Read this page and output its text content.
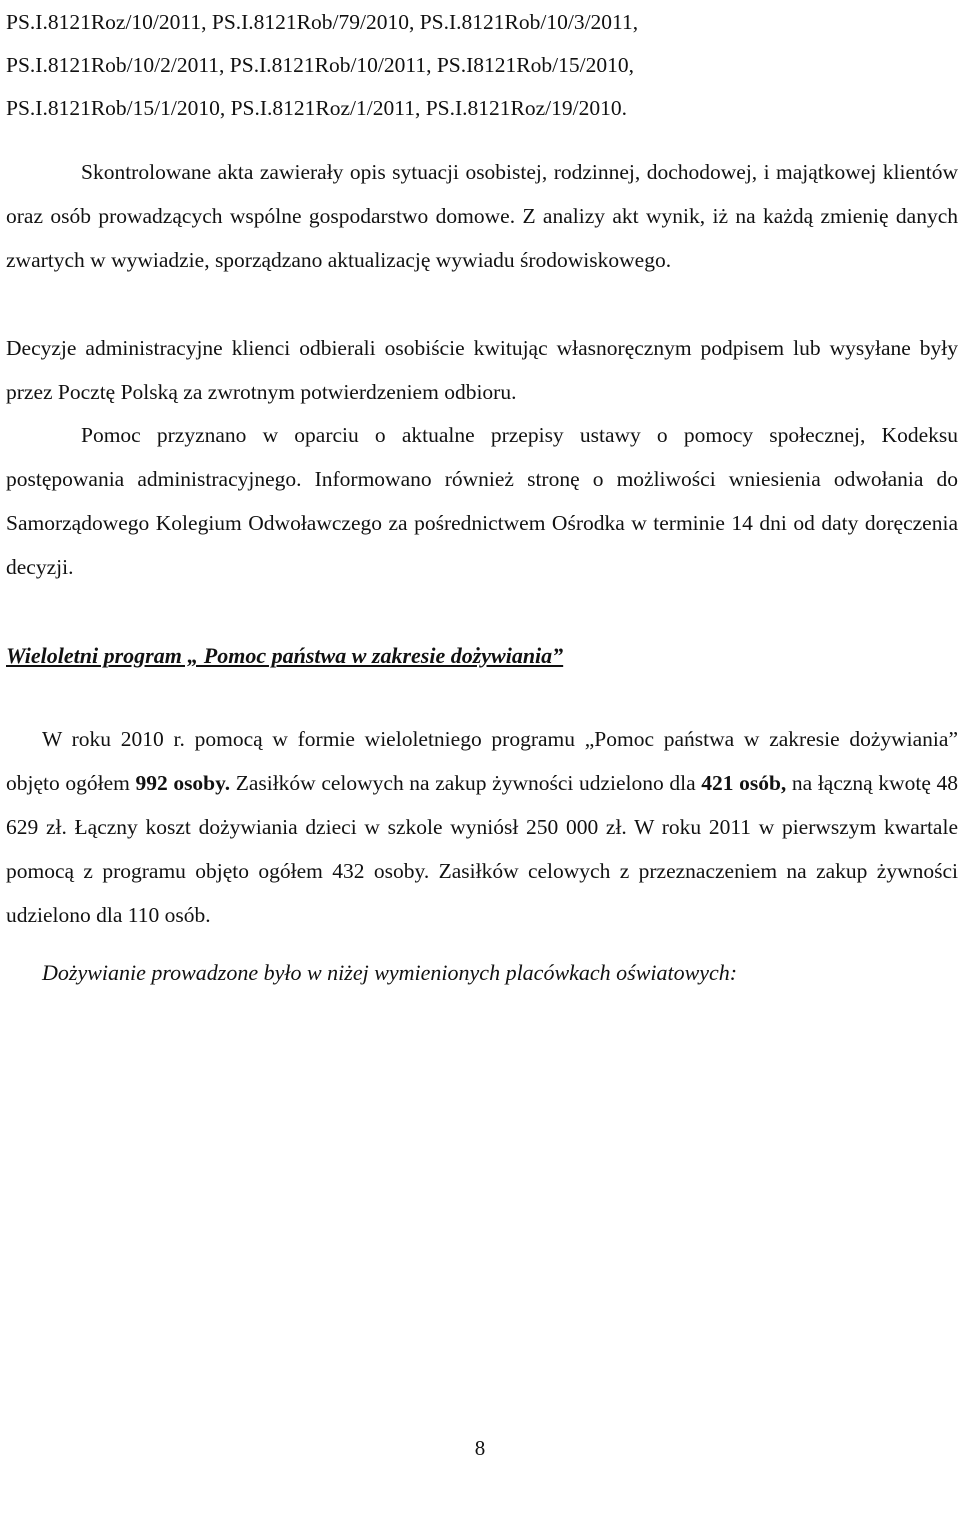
PS.I.8121Roz/10/2011, PS.I.8121Rob/79/2010, PS.I.8121Rob/10/3/2011,
PS.I.8121Rob/10/2/2011, PS.I.8121Rob/10/2011, PS.I8121Rob/15/2010,
PS.I.8121Rob/15/1/2010, PS.I.8121Roz/1/2011, PS.I.8121Roz/19/2010.

Skontrolowane akta zawierały opis sytuacji osobistej, rodzinnej, dochodowej, i majątkowej klientów oraz osób prowadzących wspólne gospodarstwo domowe. Z analizy akt wynik, iż na każdą zmienię danych zwartych w wywiadzie, sporządzano aktualizację wywiadu środowiskowego.

Decyzje administracyjne klienci odbierali osobiście kwitując własnoręcznym podpisem lub wysyłane były przez Pocztę Polską za zwrotnym potwierdzeniem odbioru.

Pomoc przyznano w oparciu o aktualne przepisy ustawy o pomocy społecznej, Kodeksu postępowania administracyjnego. Informowano również stronę o możliwości wniesienia odwołania do Samorządowego Kolegium Odwoławczego za pośrednictwem Ośrodka w terminie 14 dni od daty doręczenia decyzji.

Wieloletni program „ Pomoc państwa w zakresie dożywiania”

W roku 2010 r. pomocą w formie wieloletniego programu „Pomoc państwa w zakresie dożywiania” objęto ogółem 992 osoby. Zasiłków celowych na zakup żywności udzielono dla 421 osób, na łączną kwotę 48 629 zł. Łączny koszt dożywiania dzieci w szkole wyniósł 250 000 zł. W roku 2011 w pierwszym kwartale pomocą z programu objęto ogółem 432 osoby. Zasiłków celowych z przeznaczeniem na zakup żywności udzielono dla 110 osób.

Dożywianie prowadzone było w niżej wymienionych placówkach oświatowych:

8
